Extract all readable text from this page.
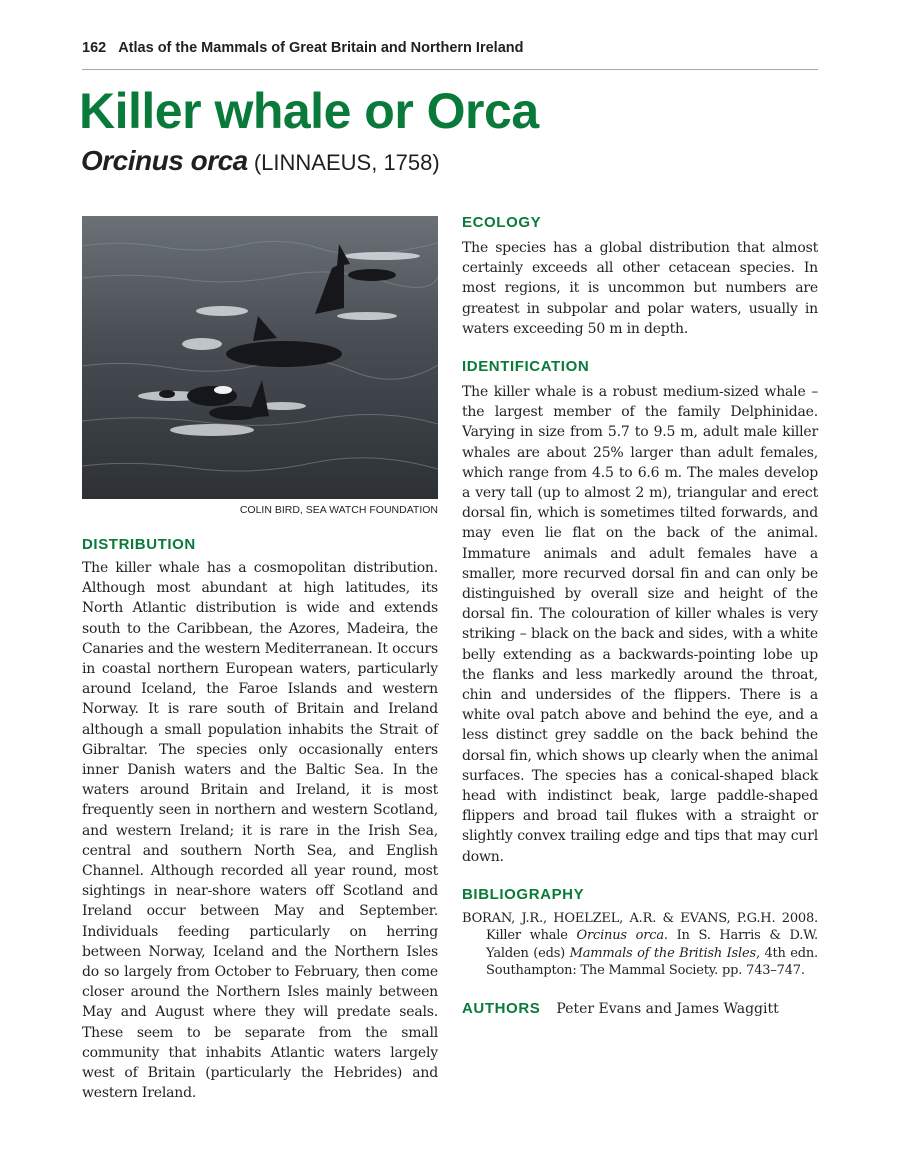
162 Atlas of the Mammals of Great Britain and Northern Ireland
Killer whale or Orca
Orcinus orca (LINNAEUS, 1758)
COLIN BIRD, SEA WATCH FOUNDATION
DISTRIBUTION

The killer whale has a cosmopolitan distribution. Although most abundant at high latitudes, its North Atlantic distribution is wide and extends south to the Caribbean, the Azores, Madeira, the Canaries and the western Mediterranean. It occurs in coastal northern European waters, particularly around Iceland, the Faroe Islands and western Norway. It is rare south of Britain and Ireland although a small population inhabits the Strait of Gibraltar. The species only occasionally enters inner Danish waters and the Baltic Sea. In the waters around Britain and Ireland, it is most frequently seen in northern and western Scotland, and western Ireland; it is rare in the Irish Sea, central and southern North Sea, and English Channel. Although recorded all year round, most sightings in near-shore waters off Scotland and Ireland occur between May and September. Individuals feeding particularly on herring between Norway, Iceland and the Northern Isles do so largely from October to February, then come closer around the Northern Isles mainly between May and August where they will predate seals. These seem to be separate from the small community that inhabits Atlantic waters largely west of Britain (particularly the Hebrides) and western Ireland.

ECOLOGY

The species has a global distribution that almost certainly exceeds all other cetacean species. In most regions, it is uncommon but numbers are greatest in subpolar and polar waters, usually in waters exceeding 50 m in depth.

IDENTIFICATION

The killer whale is a robust medium-sized whale – the largest member of the family Delphinidae. Varying in size from 5.7 to 9.5 m, adult male killer whales are about 25% larger than adult females, which range from 4.5 to 6.6 m. The males develop a very tall (up to almost 2 m), triangular and erect dorsal fin, which is sometimes tilted forwards, and may even lie flat on the back of the animal. Immature animals and adult females have a smaller, more recurved dorsal fin and can only be distinguished by overall size and height of the dorsal fin. The colouration of killer whales is very striking – black on the back and sides, with a white belly extending as a backwards-pointing lobe up the flanks and less markedly around the throat, chin and undersides of the flippers. There is a white oval patch above and behind the eye, and a less distinct grey saddle on the back behind the dorsal fin, which shows up clearly when the animal surfaces. The species has a conical-shaped black head with indistinct beak, large paddle-shaped flippers and broad tail flukes with a straight or slightly convex trailing edge and tips that may curl down.

BIBLIOGRAPHY

BORAN, J.R., HOELZEL, A.R. & EVANS, P.G.H. 2008. Killer whale Orcinus orca. In S. Harris & D.W. Yalden (eds) Mammals of the British Isles, 4th edn. Southampton: The Mammal Society. pp. 743–747.

AUTHORS Peter Evans and James Waggitt
